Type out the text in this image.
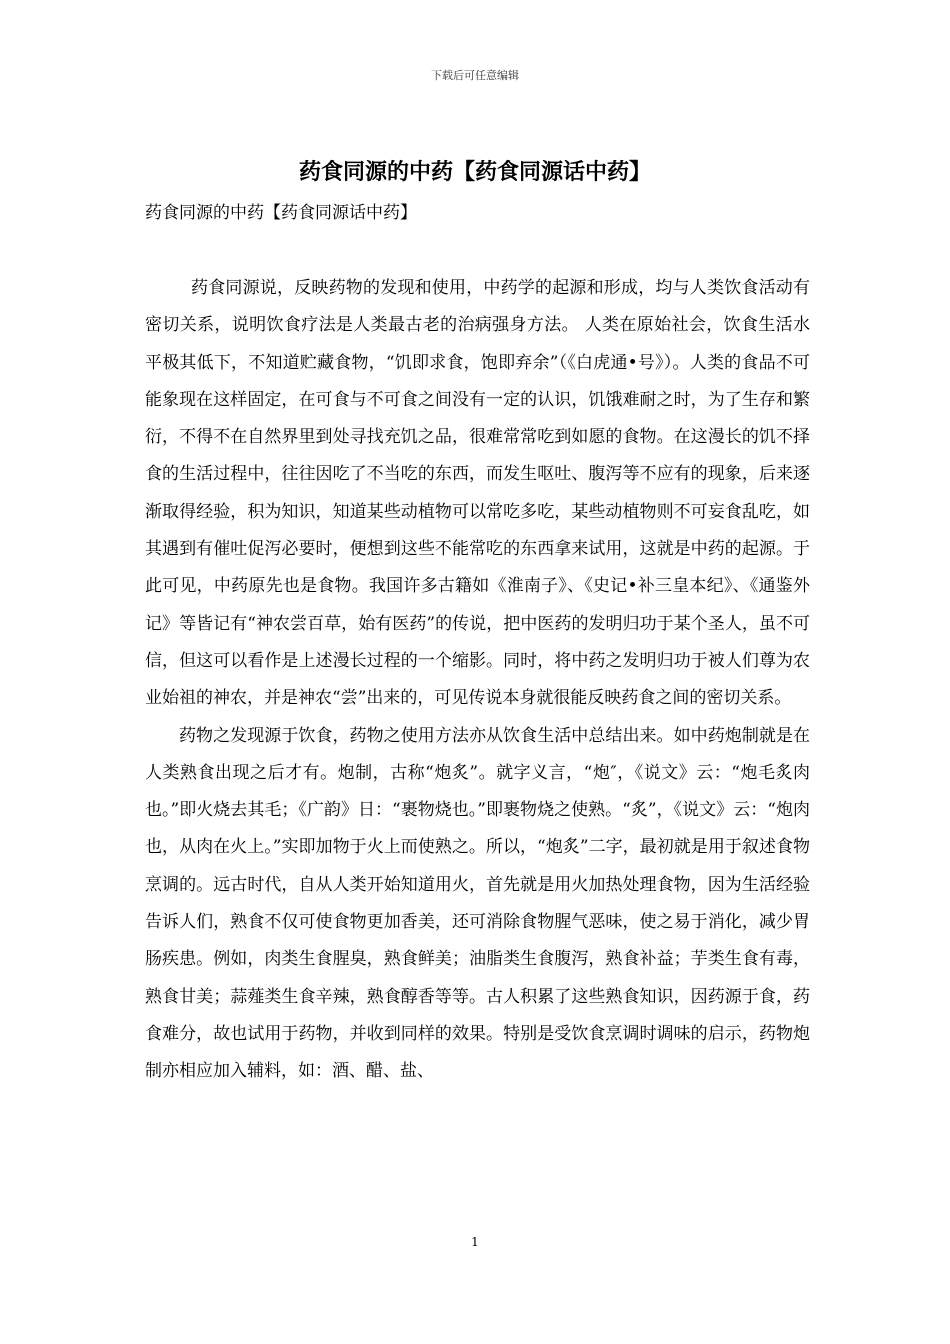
下载后可任意编辑
药食同源的中药【药食同源话中药】
药食同源的中药【药食同源话中药】

药食同源说，反映药物的发现和使用，中药学的起源和形成，均与人类饮食活动有密切关系，说明饮食疗法是人类最古老的治病强身方法。 人类在原始社会，饮食生活水平极其低下，不知道贮藏食物，“饥即求食，饱即弃余”（《白虎通•号》）。人类的食品不可能象现在这样固定，在可食与不可食之间没有一定的认识，饥饿难耐之时，为了生存和繁衍，不得不在自然界里到处寻找充饥之品，很难常常吃到如愿的食物。在这漫长的饥不择食的生活过程中，往往因吃了不当吃的东西，而发生呕吐、腹泻等不应有的现象，后来逐渐取得经验，积为知识，知道某些动植物可以常吃多吃，某些动植物则不可妄食乱吃，如其遇到有催吐促泻必要时，便想到这些不能常吃的东西拿来试用，这就是中药的起源。于此可见，中药原先也是食物。我国许多古籍如《淮南子》、《史记•补三皇本纪》、《通鉴外记》等皆记有“神农尝百草，始有医药”的传说，把中医药的发明归功于某个圣人，虽不可信，但这可以看作是上述漫长过程的一个缩影。同时，将中药之发明归功于被人们尊为农业始祖的神农，并是神农“尝”出来的，可见传说本身就很能反映药食之间的密切关系。

药物之发现源于饮食，药物之使用方法亦从饮食生活中总结出来。如中药炮制就是在人类熟食出现之后才有。炮制，古称“炮炙”。就字义言，“炮″，《说文》云：“炮毛炙肉也。”即火烧去其毛；《广韵》日：“裹物烧也。”即裹物烧之使熟。“炙”，《说文》云：“炮肉也，从肉在火上。”实即加物于火上而使熟之。所以，“炮炙”二字，最初就是用于叙述食物烹调的。远古时代，自从人类开始知道用火，首先就是用火加热处理食物，因为生活经验告诉人们，熟食不仅可使食物更加香美，还可消除食物腥气恶味，使之易于消化，减少胃肠疾患。例如，肉类生食腥臭，熟食鲜美；油脂类生食腹泻，熟食补益；芋类生食有毒，熟食甘美；蒜薤类生食辛辣，熟食醇香等等。古人积累了这些熟食知识，因药源于食，药食难分，故也试用于药物，并收到同样的效果。特别是受饮食烹调时调味的启示，药物炮制亦相应加入辅料，如：酒、醋、盐、

1
